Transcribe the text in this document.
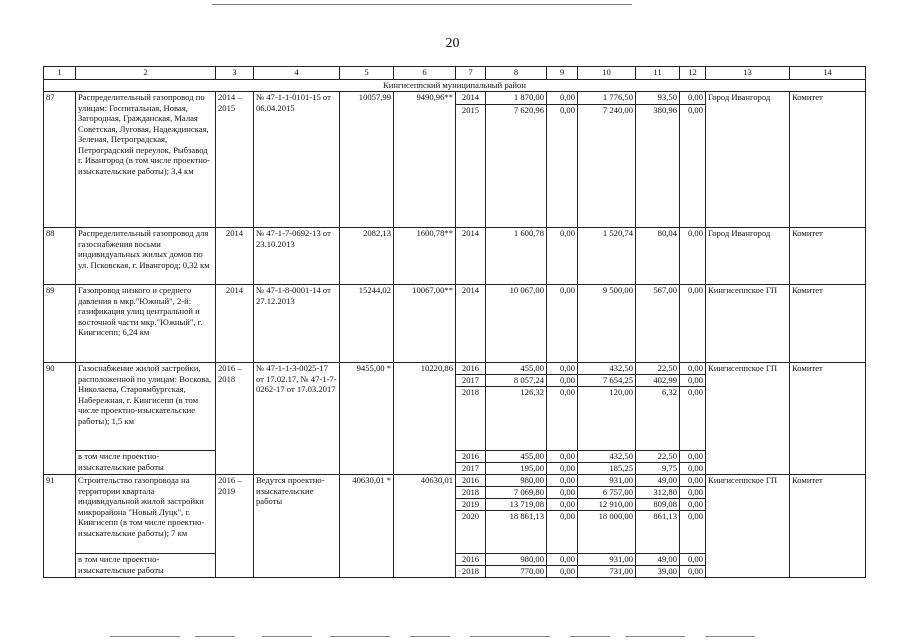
20
1	2	3	4	5	6	7	8	9	10	11	12	13	14
Кингисеппский муниципальный район													
87	Распределительный газопровод по улицам: Госпитальная, Новая, Загородная, Гражданская, Малая Советская, Луговая, Надеждинская, Зеленая, Петроградская, Петроградский переулок, Рыбзавод г. Ивангород (в том числе проектно-изыскательские работы); 3,4 км	2014 – 2015	№ 47-1-1-0101-15 от 06.04.2015	10057,99	9490,96**	2014	1 870,00	0,00	1 776,50	93,50	0,00	Город Ивангород	Комитет
						2015	7 620,96	0,00	7 240,00	380,96	0,00		
88	Распределительный газопровод для газоснабжения восьми индивидуальных жилых домов по ул. Псковская, г. Ивангород; 0,32 км	2014	№ 47-1-7-0692-13 от 23.10.2013	2082,13	1600,78**	2014	1 600,78	0,00	1 520,74	80,04	0,00	Город Ивангород	Комитет
89	Газопровод низкого и среднего давления в мкр."Южный", 2-й: газификация улиц центральной и восточной части мкр."Южный", г. Кингисепп; 6,24 км	2014	№ 47-1-8-0001-14 от 27.12.2013	15244,02	10067,00**	2014	10 067,00	0,00	9 500,00	567,00	0,00	Кингисеппское ГП	Комитет
90	Газоснабжение жилой застройки, расположенной по улицам: Воскова, Николаева, Староямбургская, Набережная, г. Кингисепп (в том числе проектно-изыскательские работы); 1,5 км	2016 – 2018	№ 47-1-1-3-0025-17 от 17.02.17, № 47-1-7-0262-17 от 17.03.2017	9455,00 *	10220,86	2016	455,00	0,00	432,50	22,50	0,00	Кингисеппское ГП	Комитет
						2017	8 057,24	0,00	7 654,25	402,99	0,00		
						2018	126,32	0,00	120,00	6,32	0,00		
	в том числе проектно-изыскательские работы					2016	455,00	0,00	432,50	22,50	0,00		
						2017	195,00	0,00	185,25	9,75	0,00		
91	Строительство газопровода на территории квартала индивидуальной жилой застройки микрорайона "Новый Луцк", г. Кингисепп (в том числе проектно-изыскательские работы); 7 км	2016 – 2019	Ведутся проектно-изыскательские работы	40630,01 *	40630,01	2016	980,00	0,00	931,00	49,00	0,00	Кингисеппское ГП	Комитет
						2018	7 069,80	0,00	6 757,00	312,80	0,00		
						2019	13 719,08	0,00	12 910,00	809,08	0,00		
						2020	18 861,13	0,00	18 000,00	861,13	0,00		
	в том числе проектно-изыскательские работы					2016	980,00	0,00	931,00	49,00	0,00		
						2018	770,00	0,00	731,00	39,00	0,00		
